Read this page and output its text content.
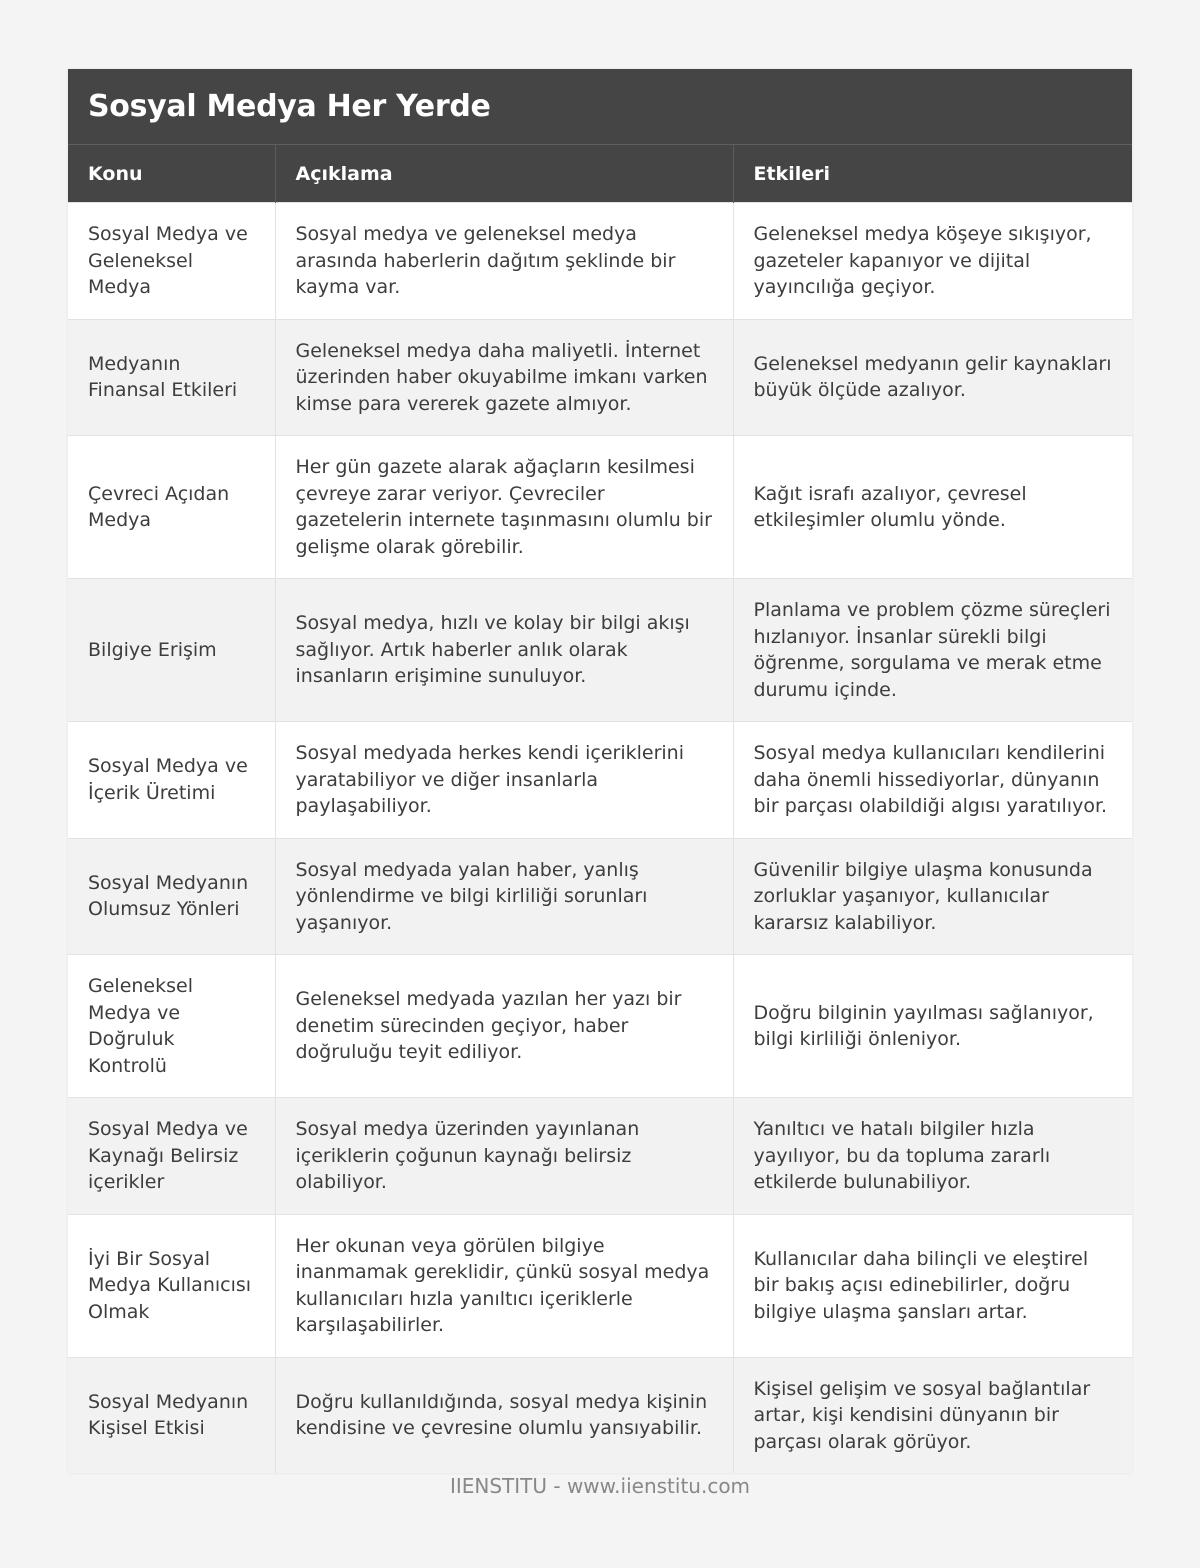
Sosyal Medya Her Yerde
Konu	Açıklama	Etkileri
Sosyal Medya ve Geleneksel Medya	Sosyal medya ve geleneksel medya arasında haberlerin dağıtım şeklinde bir kayma var.	Geleneksel medya köşeye sıkışıyor, gazeteler kapanıyor ve dijital yayıncılığa geçiyor.
Medyanın Finansal Etkileri	Geleneksel medya daha maliyetli. İnternet üzerinden haber okuyabilme imkanı varken kimse para vererek gazete almıyor.	Geleneksel medyanın gelir kaynakları büyük ölçüde azalıyor.
Çevreci Açıdan Medya	Her gün gazete alarak ağaçların kesilmesi çevreye zarar veriyor. Çevreciler gazetelerin internete taşınmasını olumlu bir gelişme olarak görebilir.	Kağıt israfı azalıyor, çevresel etkileşimler olumlu yönde.
Bilgiye Erişim	Sosyal medya, hızlı ve kolay bir bilgi akışı sağlıyor. Artık haberler anlık olarak insanların erişimine sunuluyor.	Planlama ve problem çözme süreçleri hızlanıyor. İnsanlar sürekli bilgi öğrenme, sorgulama ve merak etme durumu içinde.
Sosyal Medya ve İçerik Üretimi	Sosyal medyada herkes kendi içeriklerini yaratabiliyor ve diğer insanlarla paylaşabiliyor.	Sosyal medya kullanıcıları kendilerini daha önemli hissediyorlar, dünyanın bir parçası olabildiği algısı yaratılıyor.
Sosyal Medyanın Olumsuz Yönleri	Sosyal medyada yalan haber, yanlış yönlendirme ve bilgi kirliliği sorunları yaşanıyor.	Güvenilir bilgiye ulaşma konusunda zorluklar yaşanıyor, kullanıcılar kararsız kalabiliyor.
Geleneksel Medya ve Doğruluk Kontrolü	Geleneksel medyada yazılan her yazı bir denetim sürecinden geçiyor, haber doğruluğu teyit ediliyor.	Doğru bilginin yayılması sağlanıyor, bilgi kirliliği önleniyor.
Sosyal Medya ve Kaynağı Belirsiz içerikler	Sosyal medya üzerinden yayınlanan içeriklerin çoğunun kaynağı belirsiz olabiliyor.	Yanıltıcı ve hatalı bilgiler hızla yayılıyor, bu da topluma zararlı etkilerde bulunabiliyor.
İyi Bir Sosyal Medya Kullanıcısı Olmak	Her okunan veya görülen bilgiye inanmamak gereklidir, çünkü sosyal medya kullanıcıları hızla yanıltıcı içeriklerle karşılaşabilirler.	Kullanıcılar daha bilinçli ve eleştirel bir bakış açısı edinebilirler, doğru bilgiye ulaşma şansları artar.
Sosyal Medyanın Kişisel Etkisi	Doğru kullanıldığında, sosyal medya kişinin kendisine ve çevresine olumlu yansıyabilir.	Kişisel gelişim ve sosyal bağlantılar artar, kişi kendisini dünyanın bir parçası olarak görüyor.
IIENSTITU - www.iienstitu.com
